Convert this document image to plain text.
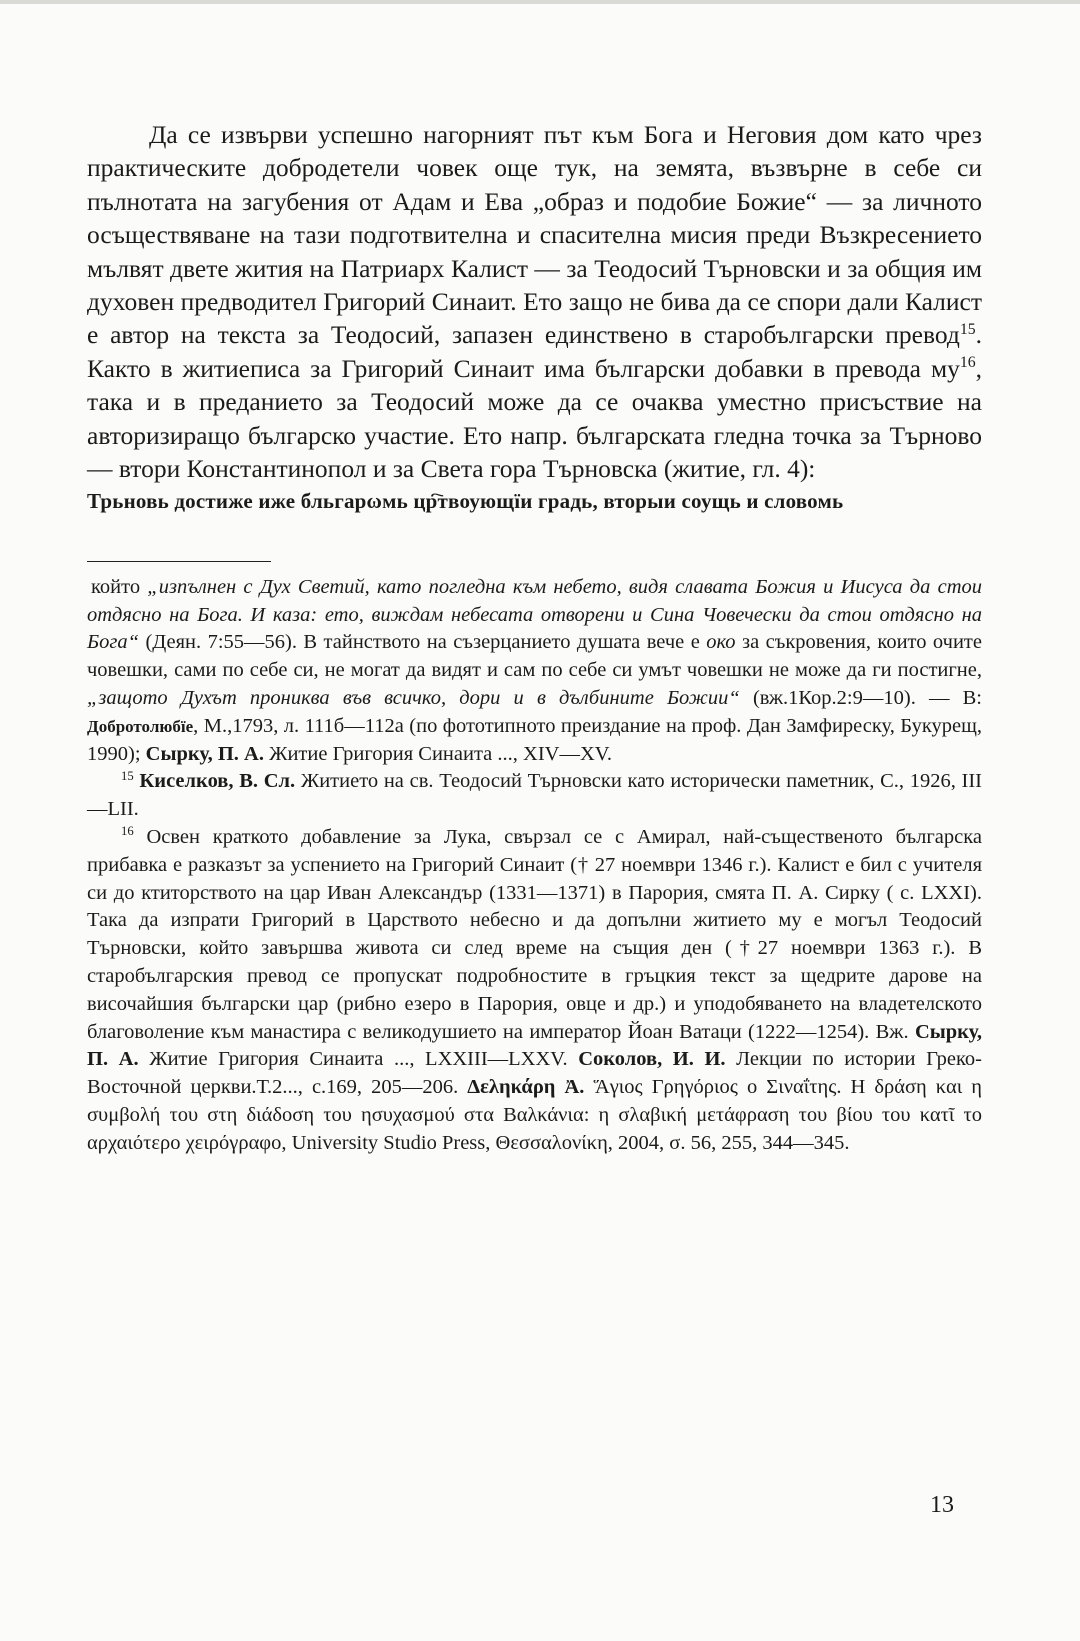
Да се извърви успешно нагорният път към Бога и Неговия дом като чрез практическите добродетели човек още тук, на земята, възвърне в себе си пълнотата на загубения от Адам и Ева „образ и подобие Божие“ — за личното осъществяване на тази подготвителна и спасителна мисия преди Възкресението мълвят двете жития на Патриарх Калист — за Теодосий Търновски и за общия им духовен предводител Григорий Синаит. Ето защо не бива да се спори дали Калист е автор на текста за Теодосий, запазен единствено в старобългарски превод$^{15}$. Както в житиеписа за Григорий Синаит има български добавки в превода $му^{16}$, така и в преданието за Теодосий може да се очаква уместно присъствие на авторизиращо българско участие. Ето напр. българската гледна точка за Търново — втори Константинопол и за Света гора Търновска (житие, гл. 4):
Трьновь достиже иже бльгарωмь цр҇твоующїи градь, вторыи соущь и словомь

който „изпълнен с Дух Светий, като погледна към небето, видя славата Божия и Иисуса да стои отдясно на Бога. И каза: ето, виждам небесата отворени и Сина Човечески да стои отдясно на Бога“ (Деян. 7:55—56). В тайнството на съзерцанието душата вече е око за съкровения, които очите човешки, сами по себе си, не могат да видят и сам по себе си умът човешки не може да ги постигне, „защото Духът прониква във всичко, дори и в дълбините Божии“ (вж.1Кор.2:9—10). — В: Добротолюбїе, М.,1793, л. 111б—112а (по фототипното преиздание на проф. Дан Замфиреску, Букурещ, 1990); Сырку, П. А. Житие Григория Синаита ..., XIV—XV.

$^{15}$ Киселков, В. Сл. Житието на св. Теодосий Търновски като исторически паметник, С., 1926, III—LII.

$^{16}$ Освен краткото добавление за Лука, свързал се с Амирал, най-същественото българска прибавка е разказът за успението на Григорий Синаит († 27 ноември 1346 г.). Калист е бил с учителя си до ктиторството на цар Иван Александър (1331—1371) в Парория, смята П. А. Сирку ( с. LXXI). Така да изпрати Григорий в Царството небесно и да допълни житието му е могъл Теодосий Търновски, който завършва живота си след време на същия ден (†27 ноември 1363 г.). В старобългарския превод се пропускат подробностите в гръцкия текст за щедрите дарове на височайшия български цар (рибно езеро в Парория, овце и др.) и уподобяването на владетелското благоволение към манастира с великодушието на император Йоан Ватаци (1222—1254). Вж. Сырку, П. А. Житие Григория Синаита ..., LXXIII—LXXV. Соколов, И. И. Лекции по истории Греко-Восточной церкви.Т.2..., с.169, 205—206. Δεληκάρη Ἀ. Ἅγιος Γρηγόριος ο Σιναΐτης. Η δράση και η συμβολή του στη διάδοση του ησυχασμού στα Βαλκάνια: η σλαβική μετάφραση του βίου του κατῖ το αρχαιότερο χειρόγραφο, University Studio Press, Θεσσαλονίκη, 2004, σ. 56, 255, 344—345.

13
